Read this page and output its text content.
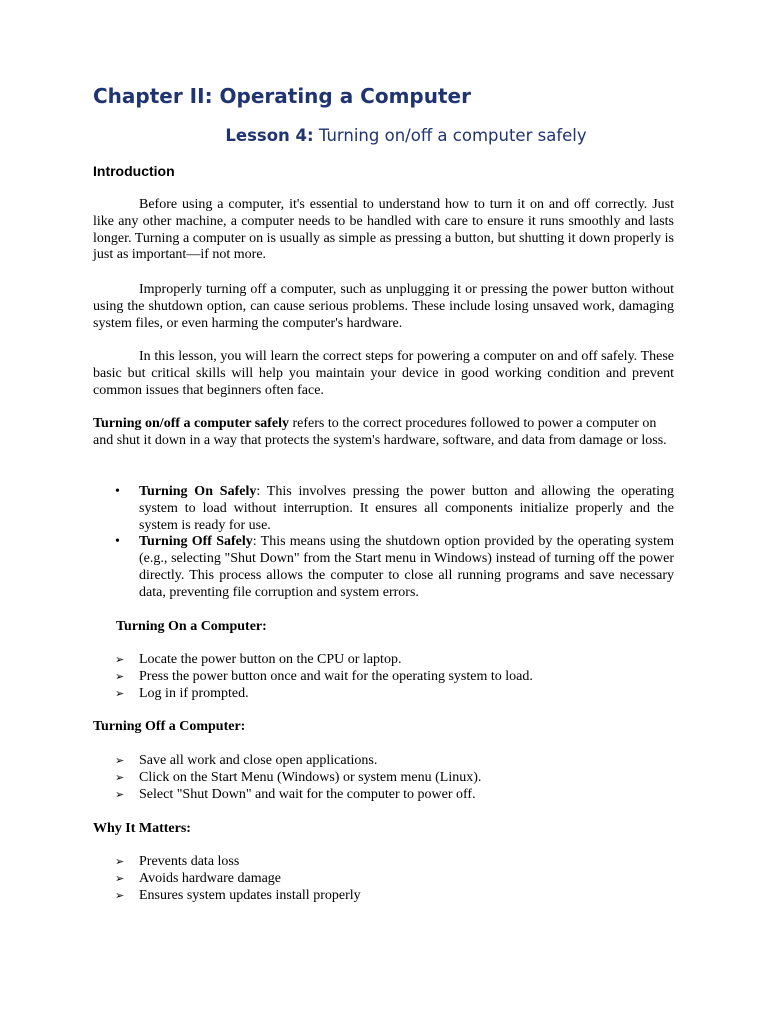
Chapter II: Operating a Computer
Lesson 4: Turning on/off a computer safely
Introduction

Before using a computer, it's essential to understand how to turn it on and off correctly. Just like any other machine, a computer needs to be handled with care to ensure it runs smoothly and lasts longer. Turning a computer on is usually as simple as pressing a button, but shutting it down properly is just as important—if not more.

Improperly turning off a computer, such as unplugging it or pressing the power button without using the shutdown option, can cause serious problems. These include losing unsaved work, damaging system files, or even harming the computer's hardware.

In this lesson, you will learn the correct steps for powering a computer on and off safely. These basic but critical skills will help you maintain your device in good working condition and prevent common issues that beginners often face.

Turning on/off a computer safely refers to the correct procedures followed to power a computer on and shut it down in a way that protects the system's hardware, software, and data from damage or loss.

• Turning On Safely: This involves pressing the power button and allowing the operating system to load without interruption. It ensures all components initialize properly and the system is ready for use.
• Turning Off Safely: This means using the shutdown option provided by the operating system (e.g., selecting "Shut Down" from the Start menu in Windows) instead of turning off the power directly. This process allows the computer to close all running programs and save necessary data, preventing file corruption and system errors.
Turning On a Computer:
➢ Locate the power button on the CPU or laptop.
➢ Press the power button once and wait for the operating system to load.
➢ Log in if prompted.
Turning Off a Computer:
➢ Save all work and close open applications.
➢ Click on the Start Menu (Windows) or system menu (Linux).
➢ Select "Shut Down" and wait for the computer to power off.
Why It Matters:
➢ Prevents data loss
➢ Avoids hardware damage
➢ Ensures system updates install properly
